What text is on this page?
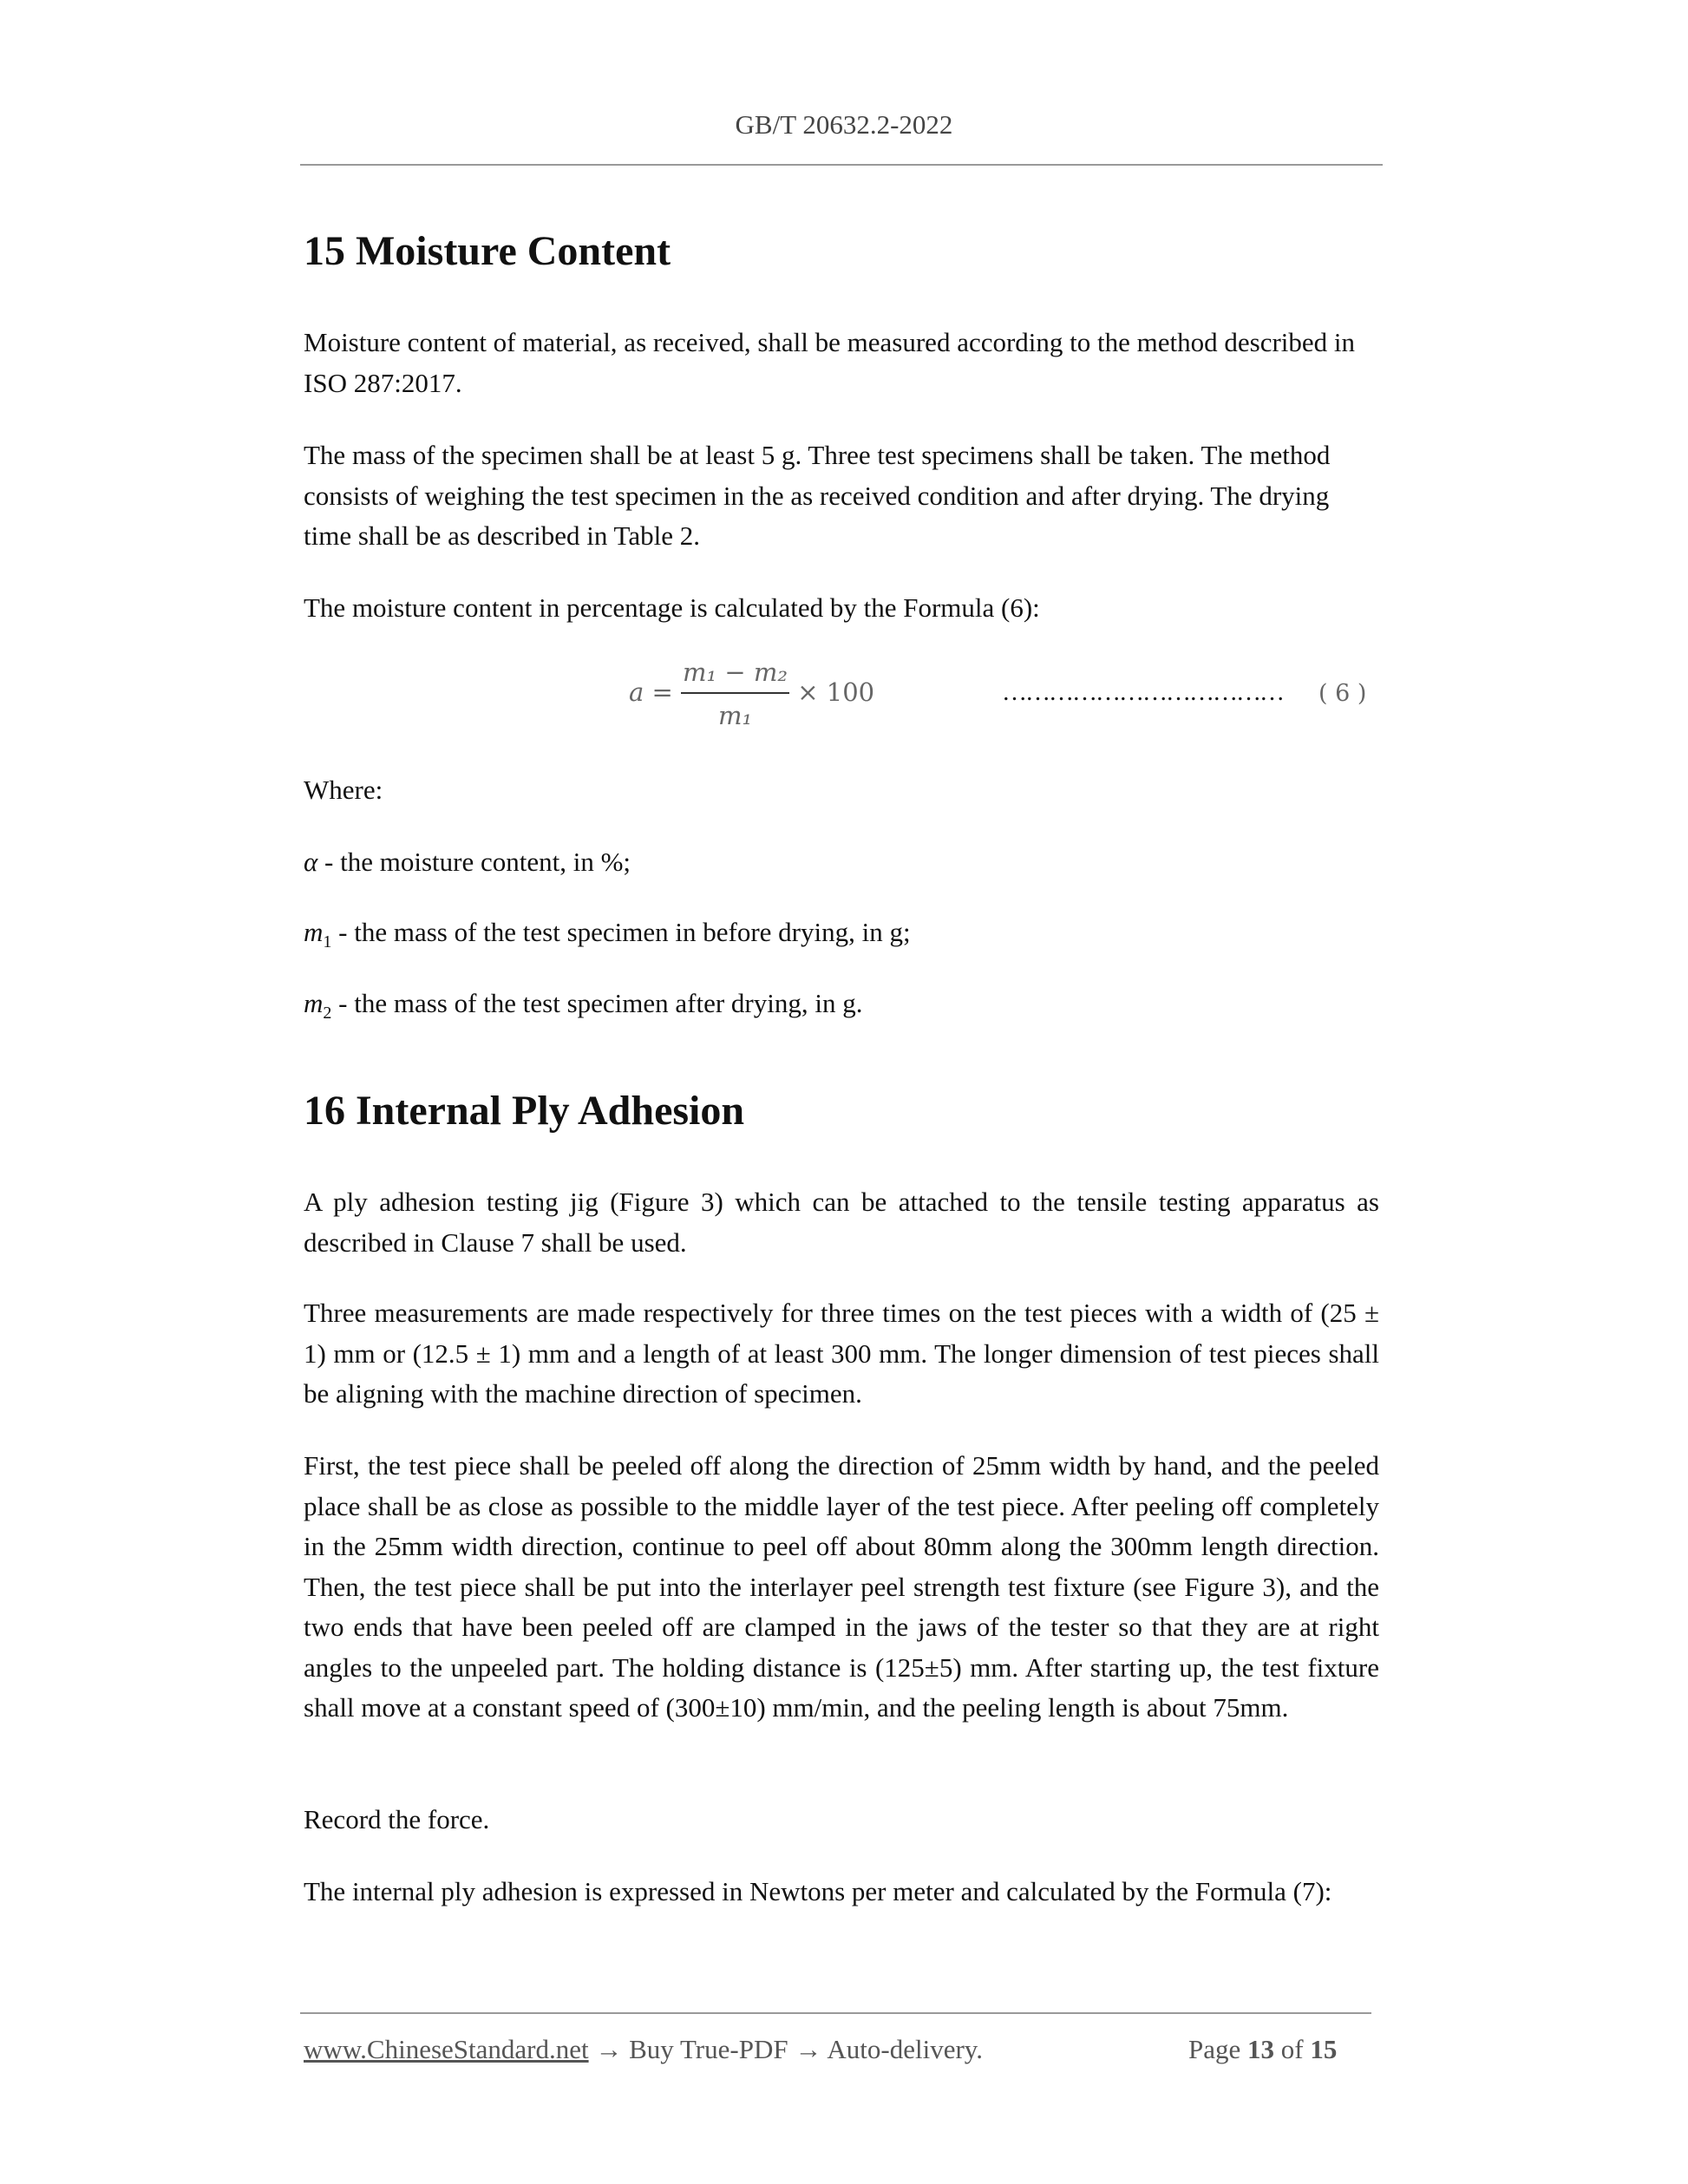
GB/T 20632.2-2022
15 Moisture Content

Moisture content of material, as received, shall be measured according to the method described in ISO 287:2017.

The mass of the specimen shall be at least 5 g. Three test specimens shall be taken. The method consists of weighing the test specimen in the as received condition and after drying. The drying time shall be as described in Table 2.

The moisture content in percentage is calculated by the Formula (6):

$a = \frac{\text{m₁ − m₂}}{\text{m₁}} \times 100$	……………………………… ( 6 )

Where:

α - the moisture content, in %;

$m_1$ - the mass of the test specimen in before drying, in g;

$m_2$ - the mass of the test specimen after drying, in g.

16 Internal Ply Adhesion

A ply adhesion testing jig (Figure 3) which can be attached to the tensile testing apparatus as described in Clause 7 shall be used.

Three measurements are made respectively for three times on the test pieces with a width of (25 ± 1) mm or (12.5 ± 1) mm and a length of at least 300 mm. The longer dimension of test pieces shall be aligning with the machine direction of specimen.

First, the test piece shall be peeled off along the direction of 25mm width by hand, and the peeled place shall be as close as possible to the middle layer of the test piece. After peeling off completely in the 25mm width direction, continue to peel off about 80mm along the 300mm length direction. Then, the test piece shall be put into the interlayer peel strength test fixture (see Figure 3), and the two ends that have been peeled off are clamped in the jaws of the tester so that they are at right angles to the unpeeled part. The holding distance is (125±5) mm. After starting up, the test fixture shall move at a constant speed of (300±10) mm/min, and the peeling length is about 75mm.

Record the force.

The internal ply adhesion is expressed in Newtons per meter and calculated by the Formula (7):

www.ChineseStandard.net → Buy True-PDF → Auto-delivery.	Page 13 of 15
